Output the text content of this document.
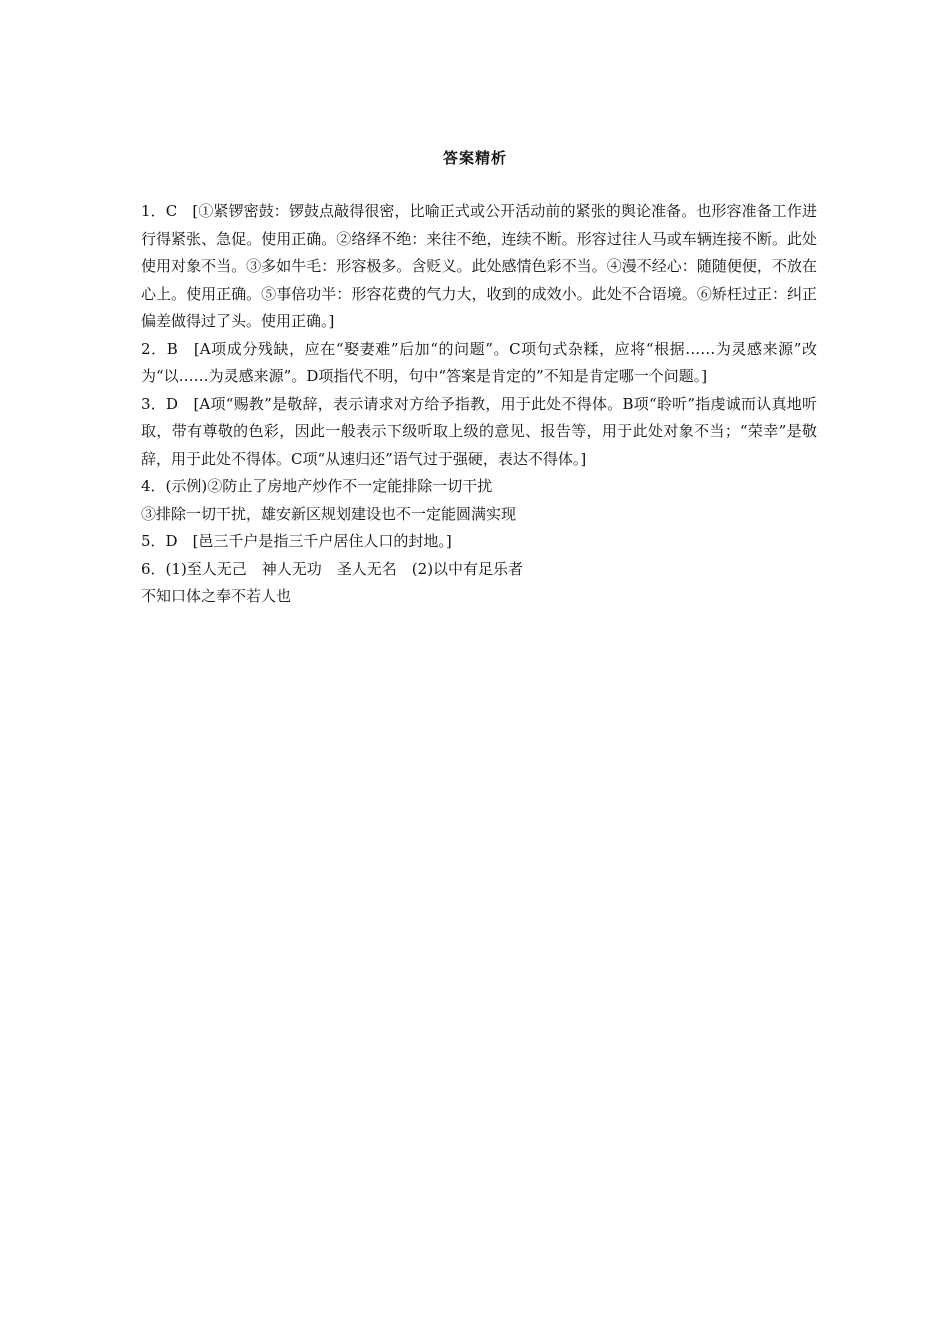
答案精析

1．C　[①紧锣密鼓：锣鼓点敲得很密，比喻正式或公开活动前的紧张的舆论准备。也形容准备工作进行得紧张、急促。使用正确。②络绎不绝：来往不绝，连续不断。形容过往人马或车辆连接不断。此处使用对象不当。③多如牛毛：形容极多。含贬义。此处感情色彩不当。④漫不经心：随随便便，不放在心上。使用正确。⑤事倍功半：形容花费的气力大，收到的成效小。此处不合语境。⑥矫枉过正：纠正偏差做得过了头。使用正确。]

2．B　[A项成分残缺，应在“娶妻难”后加“的问题”。C项句式杂糅，应将“根据……为灵感来源”改为“以……为灵感来源”。D项指代不明，句中“答案是肯定的”不知是肯定哪一个问题。]

3．D　[A项“赐教”是敬辞，表示请求对方给予指教，用于此处不得体。B项“聆听”指虔诚而认真地听取，带有尊敬的色彩，因此一般表示下级听取上级的意见、报告等，用于此处对象不当；“荣幸”是敬辞，用于此处不得体。C项“从速归还”语气过于强硬，表达不得体。]

4．(示例)②防止了房地产炒作不一定能排除一切干扰

③排除一切干扰，雄安新区规划建设也不一定能圆满实现

5．D　[邑三千户是指三千户居住人口的封地。]

6．(1)至人无己　神人无功　圣人无名　(2)以中有足乐者

不知口体之奉不若人也
